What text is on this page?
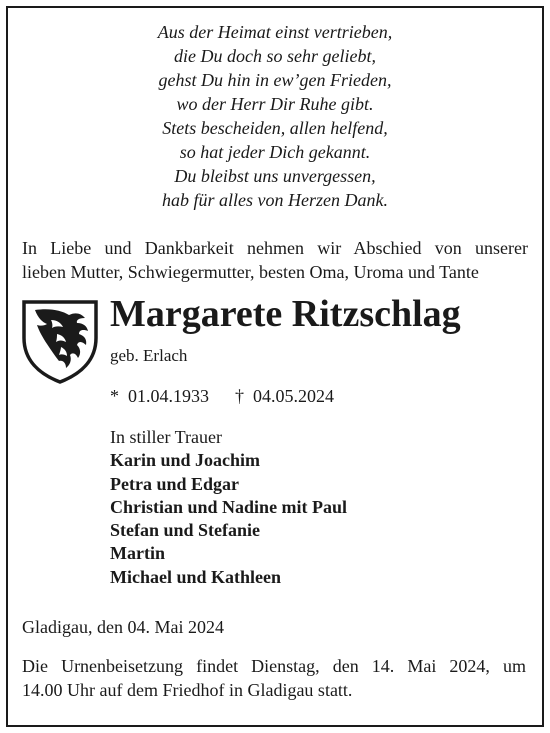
Aus der Heimat einst vertrieben,
die Du doch so sehr geliebt,
gehst Du hin in ew’gen Frieden,
wo der Herr Dir Ruhe gibt.
Stets bescheiden, allen helfend,
so hat jeder Dich gekannt.
Du bleibst uns unvergessen,
hab für alles von Herzen Dank.
In Liebe und Dankbarkeit nehmen wir Abschied von unserer
lieben Mutter, Schwiegermutter, besten Oma, Uroma und Tante
Margarete Ritzschlag
geb. Erlach
* 01.04.1933 † 04.05.2024
In stiller Trauer
Karin und Joachim
Petra und Edgar
Christian und Nadine mit Paul
Stefan und Stefanie
Martin
Michael und Kathleen
Gladigau, den 04. Mai 2024
Die Urnenbeisetzung findet Dienstag, den 14. Mai 2024, um
14.00 Uhr auf dem Friedhof in Gladigau statt.
